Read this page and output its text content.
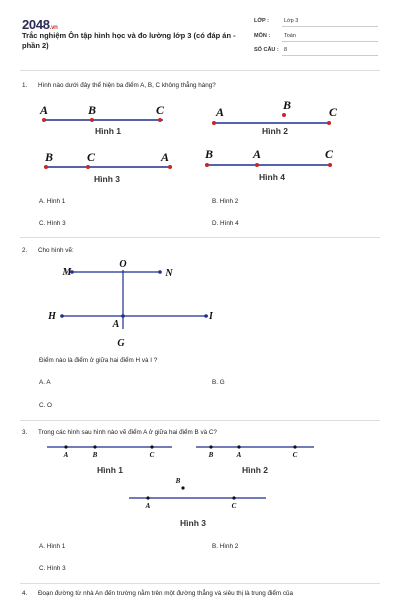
2048.vn
Trắc nghiệm Ôn tập hình học và đo lường lớp 3 (có đáp án - phần 2)
LỚP :	Lớp 3
MÔN :	Toán
SỐ CÂU : 8
1. Hình nào dưới đây thể hiện ba điểm A, B, C không thẳng hàng?
A	B	C
Hình 1
A	B	C
Hình 2
B	C	A
Hình 3
B	A	C
Hình 4
A. Hình 1	B. Hình 2
C. Hình 3	D. Hình 4
2. Cho hình vẽ:
M
O
N
H
A
I
G
Điểm nào là điểm ở giữa hai điểm H và I ?
A. A	B. G
C. O
3. Trong các hình sau hình nào vẽ điểm A ở giữa hai điểm B và C?
A	B	C
Hình 1
B	A	C
Hình 2
A
B
C
Hình 3
A. Hình 1	B. Hình 2
C. Hình 3
4. Đoạn đường từ nhà An đến trường nằm trên một đường thẳng và siêu thị là trung điểm của
